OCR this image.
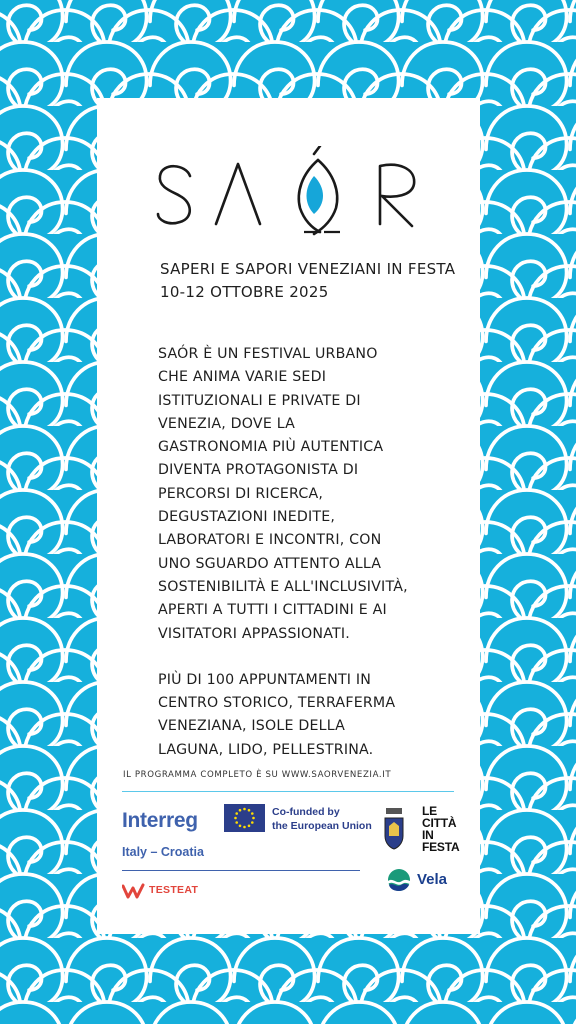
SAPERI E SAPORI VENEZIANI IN FESTA
10-12 OTTOBRE 2025
SAÓR È UN FESTIVAL URBANO
CHE ANIMA VARIE SEDI
ISTITUZIONALI E PRIVATE DI
VENEZIA, DOVE LA
GASTRONOMIA PIÙ AUTENTICA
DIVENTA PROTAGONISTA DI
PERCORSI DI RICERCA,
DEGUSTAZIONI INEDITE,
LABORATORI E INCONTRI, CON
UNO SGUARDO ATTENTO ALLA
SOSTENIBILITÀ E ALL'INCLUSIVITÀ,
APERTI A TUTTI I CITTADINI E AI
VISITATORI APPASSIONATI.
PIÙ DI 100 APPUNTAMENTI IN
CENTRO STORICO, TERRAFERMA
VENEZIANA, ISOLE DELLA
LAGUNA, LIDO, PELLESTRINA.
IL PROGRAMMA COMPLETO È SU WWW.SAORVENEZIA.IT
Interreg	Co-funded by
the European Union
Italy – Croatia
TESTEAT
LE
CITTÀ
IN
FESTA
Vela
